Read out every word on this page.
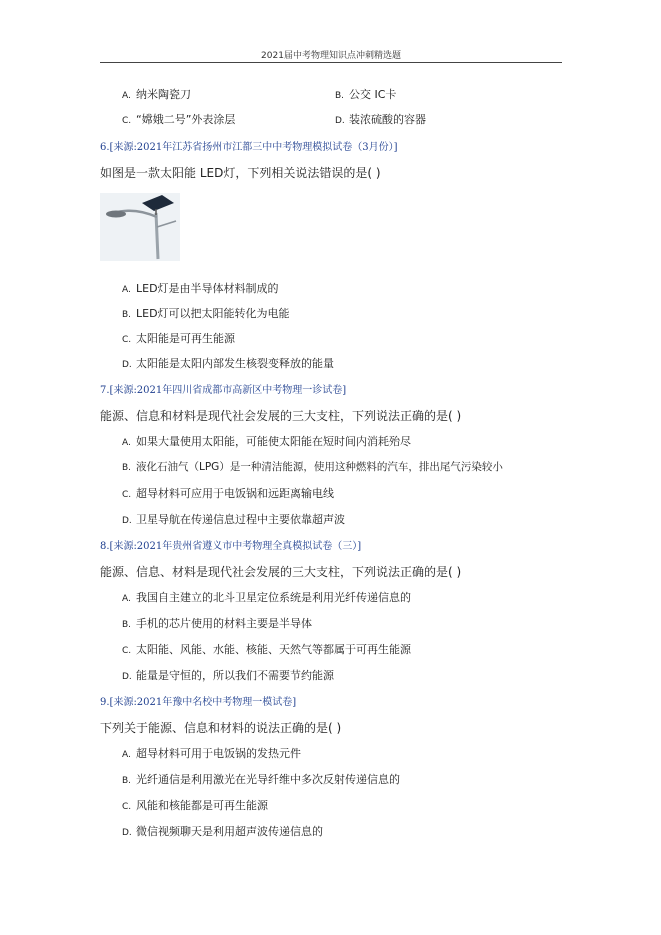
2021届中考物理知识点冲刺精选题
A. 纳米陶瓷刀	B. 公交 IC卡
C. “嫦娥二号”外表涂层	D. 装浓硫酸的容器
6.[来源:2021年江苏省扬州市江都三中中考物理模拟试卷（3月份）]
如图是一款太阳能 LED灯，下列相关说法错误的是( )
A. LED灯是由半导体材料制成的
B. LED灯可以把太阳能转化为电能
C. 太阳能是可再生能源
D. 太阳能是太阳内部发生核裂变释放的能量
7.[来源:2021年四川省成都市高新区中考物理一诊试卷]
能源、信息和材料是现代社会发展的三大支柱，下列说法正确的是( )
A. 如果大量使用太阳能，可能使太阳能在短时间内消耗殆尽
B. 液化石油气（LPG）是一种清洁能源，使用这种燃料的汽车，排出尾气污染较小
C. 超导材料可应用于电饭锅和远距离输电线
D. 卫星导航在传递信息过程中主要依靠超声波
8.[来源:2021年贵州省遵义市中考物理全真模拟试卷（三）]
能源、信息、材料是现代社会发展的三大支柱，下列说法正确的是( )
A. 我国自主建立的北斗卫星定位系统是利用光纤传递信息的
B. 手机的芯片使用的材料主要是半导体
C. 太阳能、风能、水能、核能、天然气等都属于可再生能源
D. 能量是守恒的，所以我们不需要节约能源
9.[来源:2021年豫中名校中考物理一模试卷]
下列关于能源、信息和材料的说法正确的是( )
A. 超导材料可用于电饭锅的发热元件
B. 光纤通信是利用激光在光导纤维中多次反射传递信息的
C. 风能和核能都是可再生能源
D. 微信视频聊天是利用超声波传递信息的
